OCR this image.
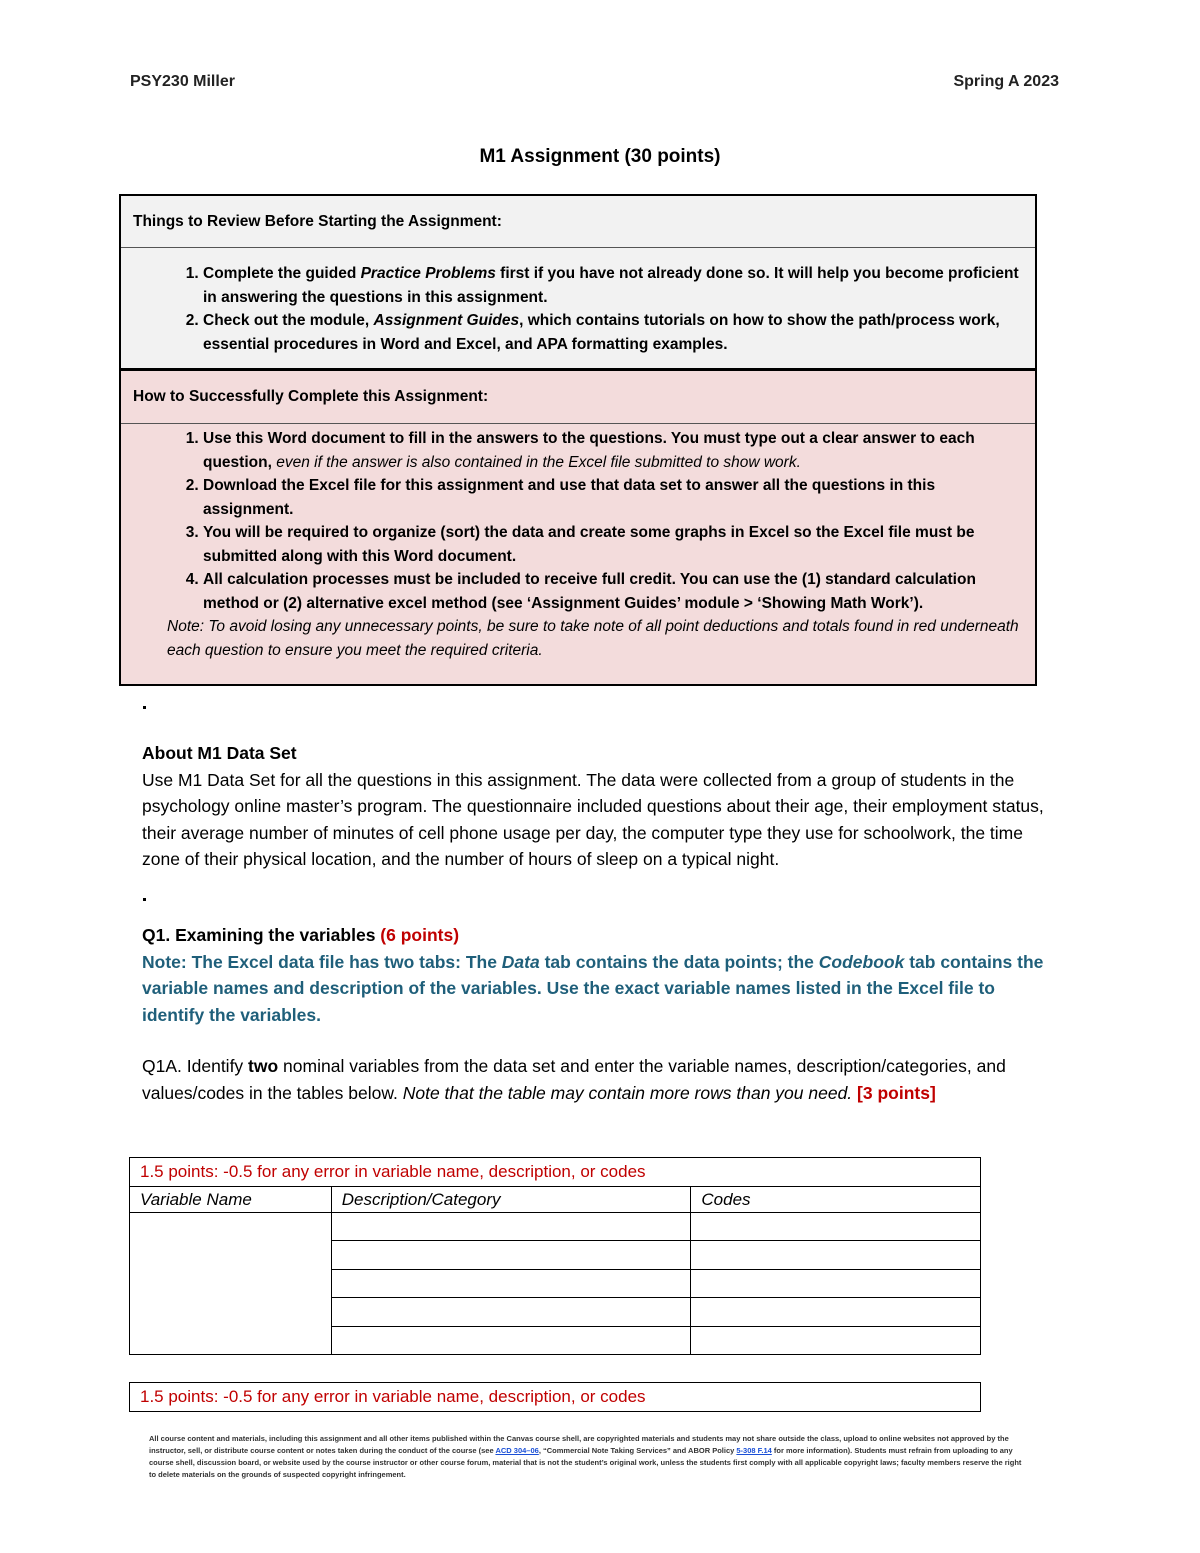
PSY230 Miller	Spring A 2023
M1 Assignment (30 points)
Things to Review Before Starting the Assignment:
1. Complete the guided Practice Problems first if you have not already done so. It will help you become proficient in answering the questions in this assignment.
2. Check out the module, Assignment Guides, which contains tutorials on how to show the path/process work, essential procedures in Word and Excel, and APA formatting examples.
How to Successfully Complete this Assignment:
1. Use this Word document to fill in the answers to the questions. You must type out a clear answer to each question, even if the answer is also contained in the Excel file submitted to show work.
2. Download the Excel file for this assignment and use that data set to answer all the questions in this assignment.
3. You will be required to organize (sort) the data and create some graphs in Excel so the Excel file must be submitted along with this Word document.
4. All calculation processes must be included to receive full credit. You can use the (1) standard calculation method or (2) alternative excel method (see ‘Assignment Guides’ module > ‘Showing Math Work’).
Note: To avoid losing any unnecessary points, be sure to take note of all point deductions and totals found in red underneath each question to ensure you meet the required criteria.
About M1 Data Set
Use M1 Data Set for all the questions in this assignment. The data were collected from a group of students in the psychology online master’s program. The questionnaire included questions about their age, their employment status, their average number of minutes of cell phone usage per day, the computer type they use for schoolwork, the time zone of their physical location, and the number of hours of sleep on a typical night.
Q1. Examining the variables (6 points)
Note: The Excel data file has two tabs: The Data tab contains the data points; the Codebook tab contains the variable names and description of the variables. Use the exact variable names listed in the Excel file to identify the variables.
Q1A. Identify two nominal variables from the data set and enter the variable names, description/categories, and values/codes in the tables below. Note that the table may contain more rows than you need. [3 points]
1.5 points: -0.5 for any error in variable name, description, or codes		
Variable Name	Description/Category	Codes

1.5 points: -0.5 for any error in variable name, description, or codes
All course content and materials, including this assignment and all other items published within the Canvas course shell, are copyrighted materials and students may not share outside the class, upload to online websites not approved by the instructor, sell, or distribute course content or notes taken during the conduct of the course (see ACD 304–06, “Commercial Note Taking Services” and ABOR Policy 5-308 F.14 for more information). Students must refrain from uploading to any course shell, discussion board, or website used by the course instructor or other course forum, material that is not the student’s original work, unless the students first comply with all applicable copyright laws; faculty members reserve the right to delete materials on the grounds of suspected copyright infringement.
